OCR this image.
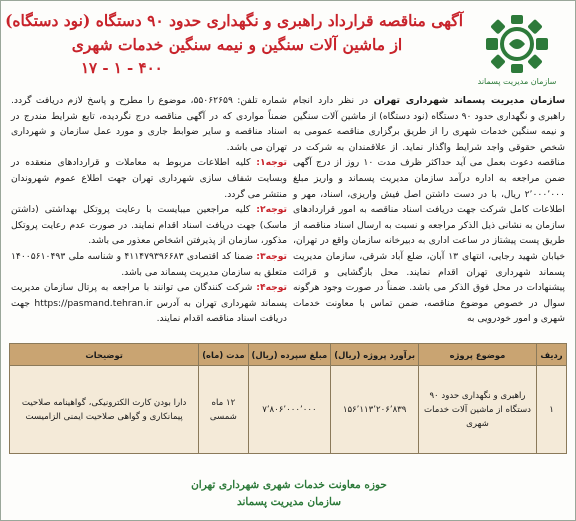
سازمان مدیریت پسماند
آگهی مناقصه قرارداد راهبری و نگهداری حدود ۹۰ دستگاه (نود دستگاه)
از ماشین آلات سنگین و نیمه سنگین خدمات شهری
۱۷ - ۱ - ۴۰۰

سازمان مدیریت پسماند شهرداری تهران در نظر دارد انجام راهبری و نگهداری حدود ۹۰ دستگاه (نود دستگاه) از ماشین آلات سنگین و نیمه سنگین خدمات شهری را از طریق برگزاری مناقصه عمومی به شخص حقوقی واجد شرایط واگذار نماید. از علاقمندان به شرکت در مناقصه دعوت بعمل می آید حداکثر ظرف مدت ۱۰ روز از درج آگهی ضمن مراجعه به اداره درآمد سازمان مدیریت پسماند و واریز مبلغ ۲٬۰۰۰٬۰۰۰ ریال، با در دست داشتن اصل فیش واریزی، اسناد، مهر و اطلاعات کامل شرکت جهت دریافت اسناد مناقصه به امور قراردادهای سازمان به نشانی ذیل الذکر مراجعه و نسبت به ارسال اسناد مناقصه از طریق پست پیشتاز در ساعت اداری به دبیرخانه سازمان واقع در تهران، خیابان شهید رجایی، انتهای ۱۳ آبان، ضلع آباد شرقی، سازمان مدیریت پسماند شهرداری تهران اقدام نمایند. محل بازگشایی و قرائت پیشنهادات در محل فوق الذکر می باشد. ضمناً در صورت وجود هرگونه سوال در خصوص موضوع مناقصه، ضمن تماس با معاونت خدمات شهری و امور خودرویی به

شماره تلفن: ۵۵۰۶۲۶۵۹، موضوع را مطرح و پاسخ لازم دریافت گردد. ضمناً مواردی که در آگهی مناقصه درج نگردیده، تابع شرایط مندرج در اسناد مناقصه و سایر ضوابط جاری و مورد عمل سازمان و شهرداری تهران می باشد.

توجه۱: کلیه اطلاعات مربوط به معاملات و قراردادهای منعقده در وبسایت شفاف سازی شهرداری تهران جهت اطلاع عموم شهروندان منتشر می گردد.

توجه۲: کلیه مراجعین میبایست با رعایت پروتکل بهداشتی (داشتن ماسک) جهت دریافت اسناد اقدام نمایند. در صورت عدم رعایت پروتکل مذکور، سازمان از پذیرفتن اشخاص معذور می باشد.

توجه۳: ضمنا کد اقتصادی ۴۱۱۴۷۹۳۹۶۶۸۳ و شناسه ملی ۱۴۰۰۵۶۱۰۴۹۳ متعلق به سازمان مدیریت پسماند می باشد.

توجه۴: شرکت کنندگان می توانند با مراجعه به پرتال سازمان مدیریت پسماند شهرداری تهران به آدرس https://pasmand.tehran.ir جهت دریافت اسناد مناقصه اقدام نمایند.

ردیف	موضوع پروژه	برآورد پروژه (ریال)	مبلغ سپرده (ریال)	مدت (ماه)	توضیحات
۱	راهبری و نگهداری حدود ۹۰ دستگاه از ماشین آلات خدمات شهری	۱۵۶٬۱۱۳٬۲۰۶٬۸۳۹	۷٬۸۰۶٬۰۰۰٬۰۰۰	۱۲ ماه شمسی	دارا بودن کارت الکترونیکی، گواهینامه صلاحیت پیمانکاری و گواهی صلاحیت ایمنی الزامیست
حوزه معاونت خدمات شهری شهرداری تهران
سازمان مدیریت پسماند
